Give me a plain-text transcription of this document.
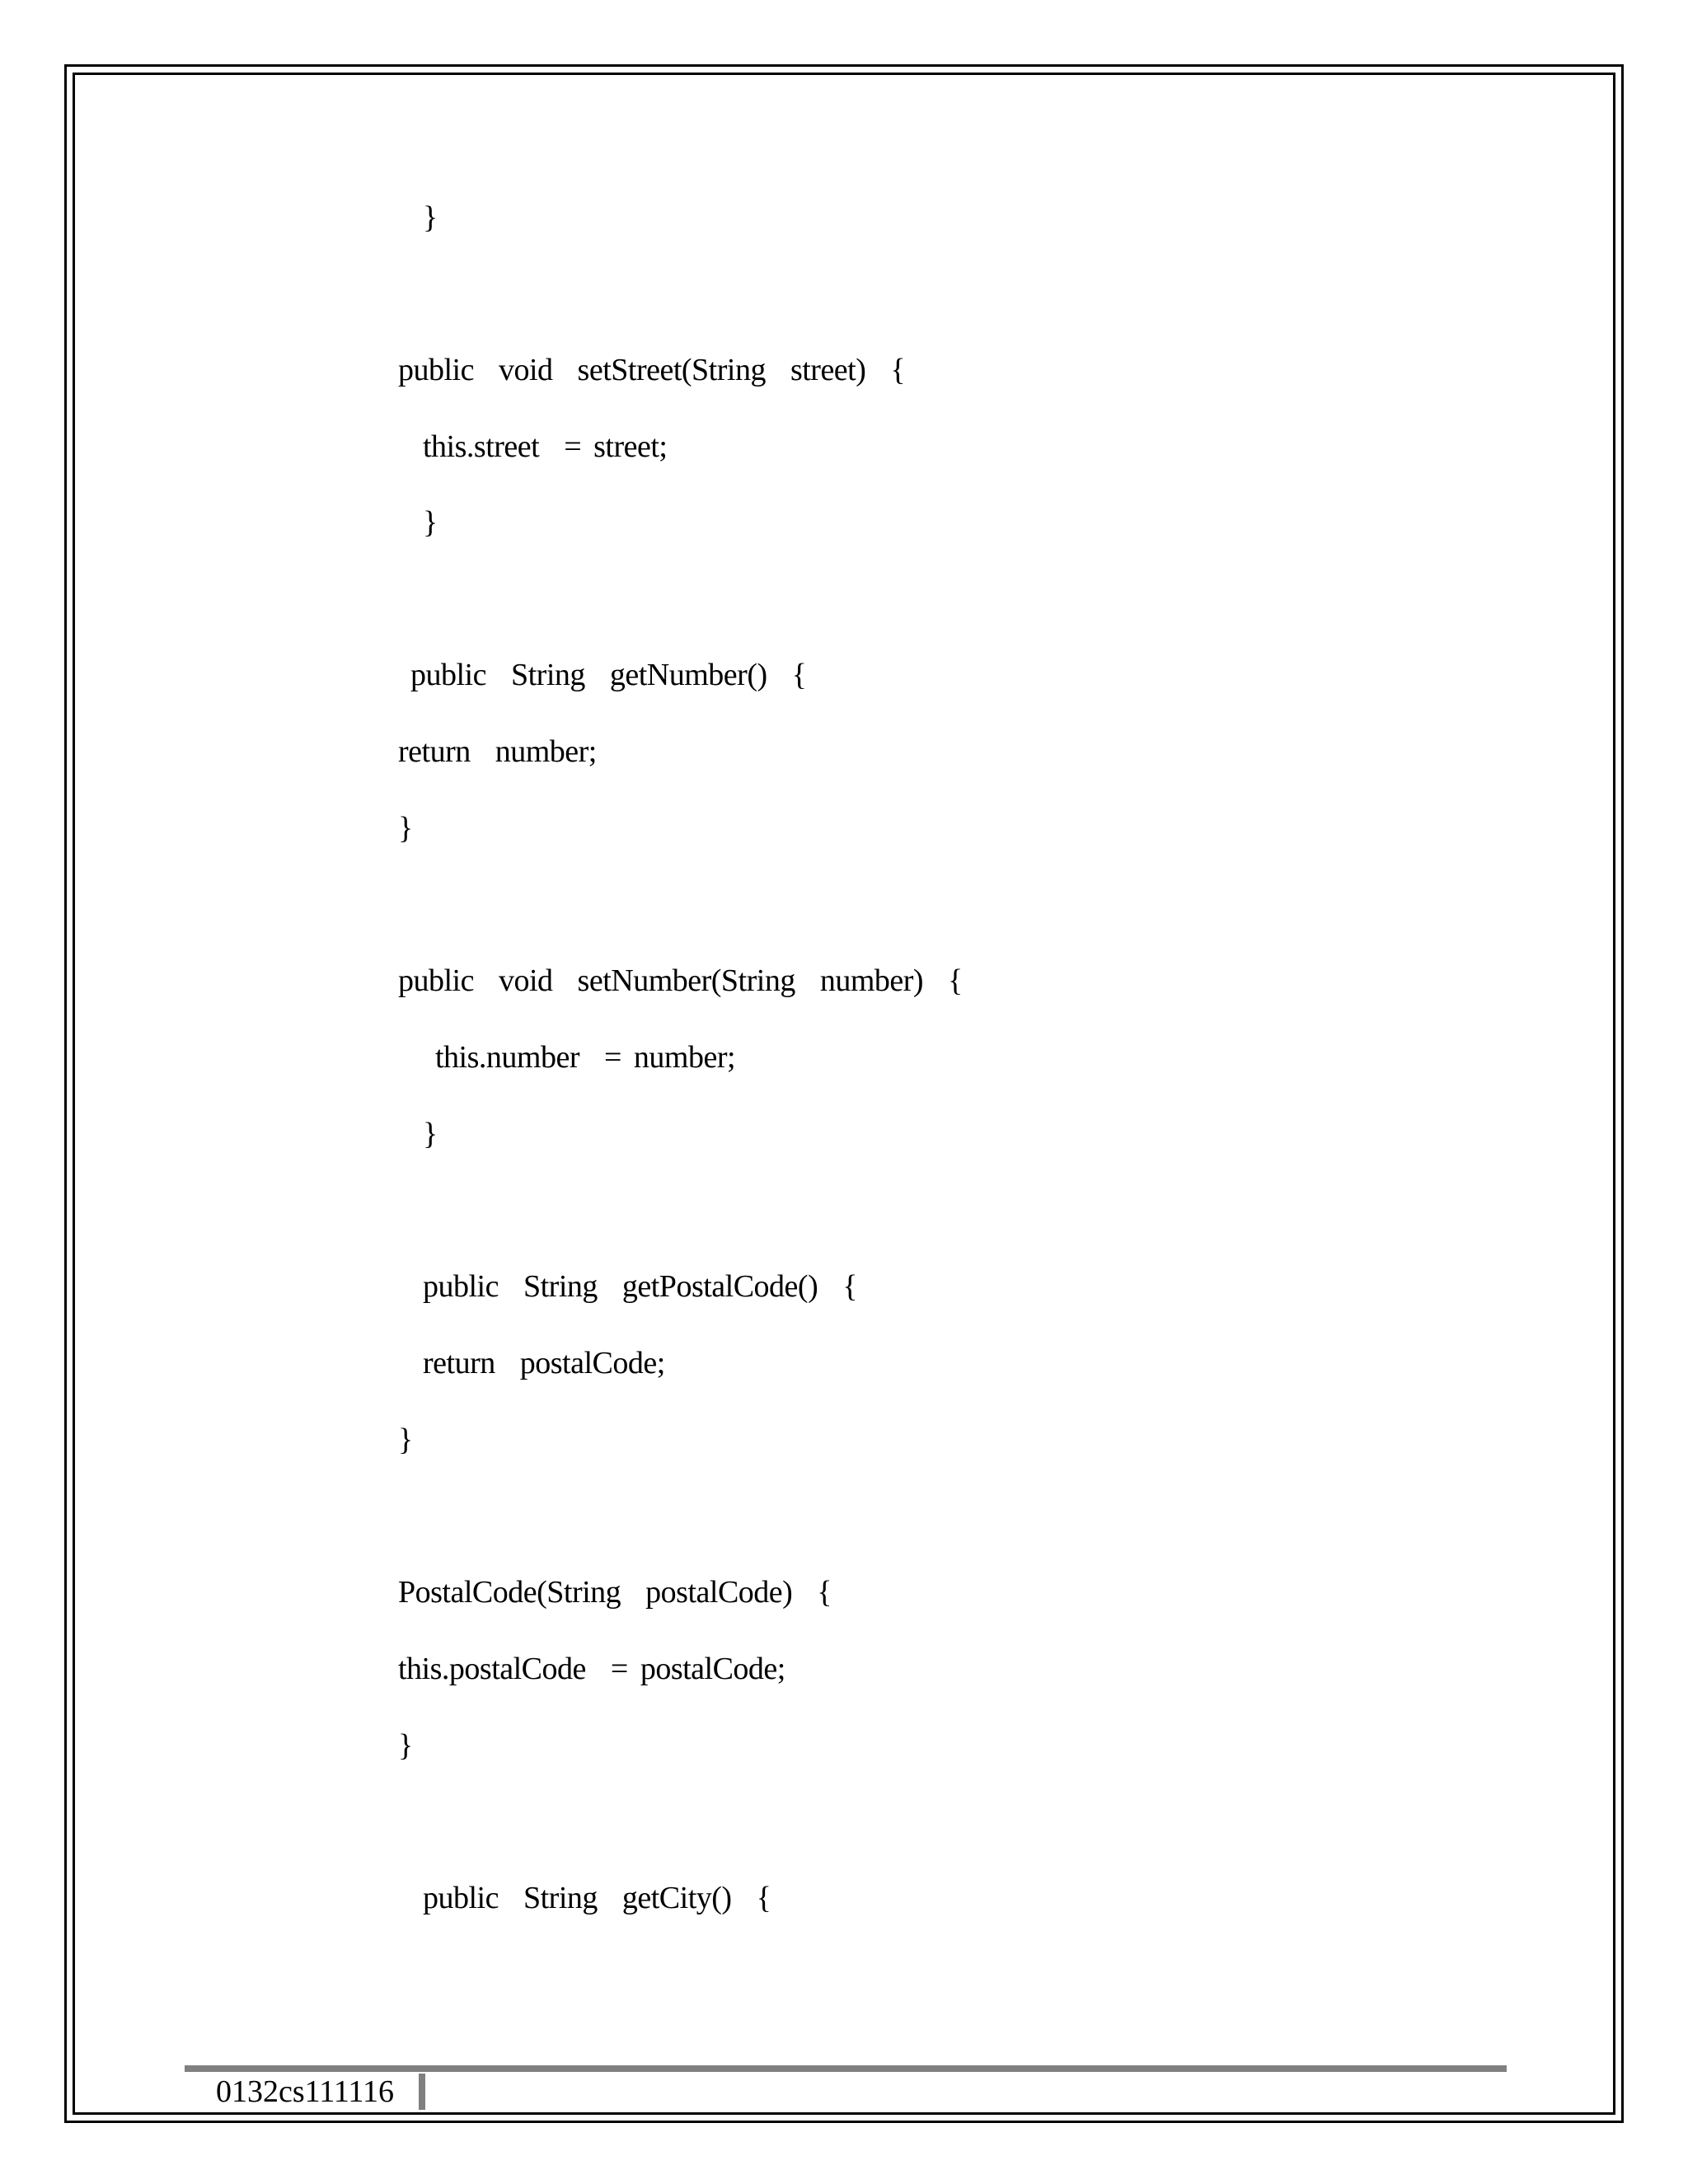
}
public  void  setStreet(String  street)  {
this.street  = street;
}
public  String  getNumber()  {
return  number;
}
public  void  setNumber(String  number)  {
this.number  = number;
}
public  String  getPostalCode()  {
return  postalCode;
}
PostalCode(String  postalCode)  {
this.postalCode  = postalCode;
}
public  String  getCity()  {
0132cs111116
